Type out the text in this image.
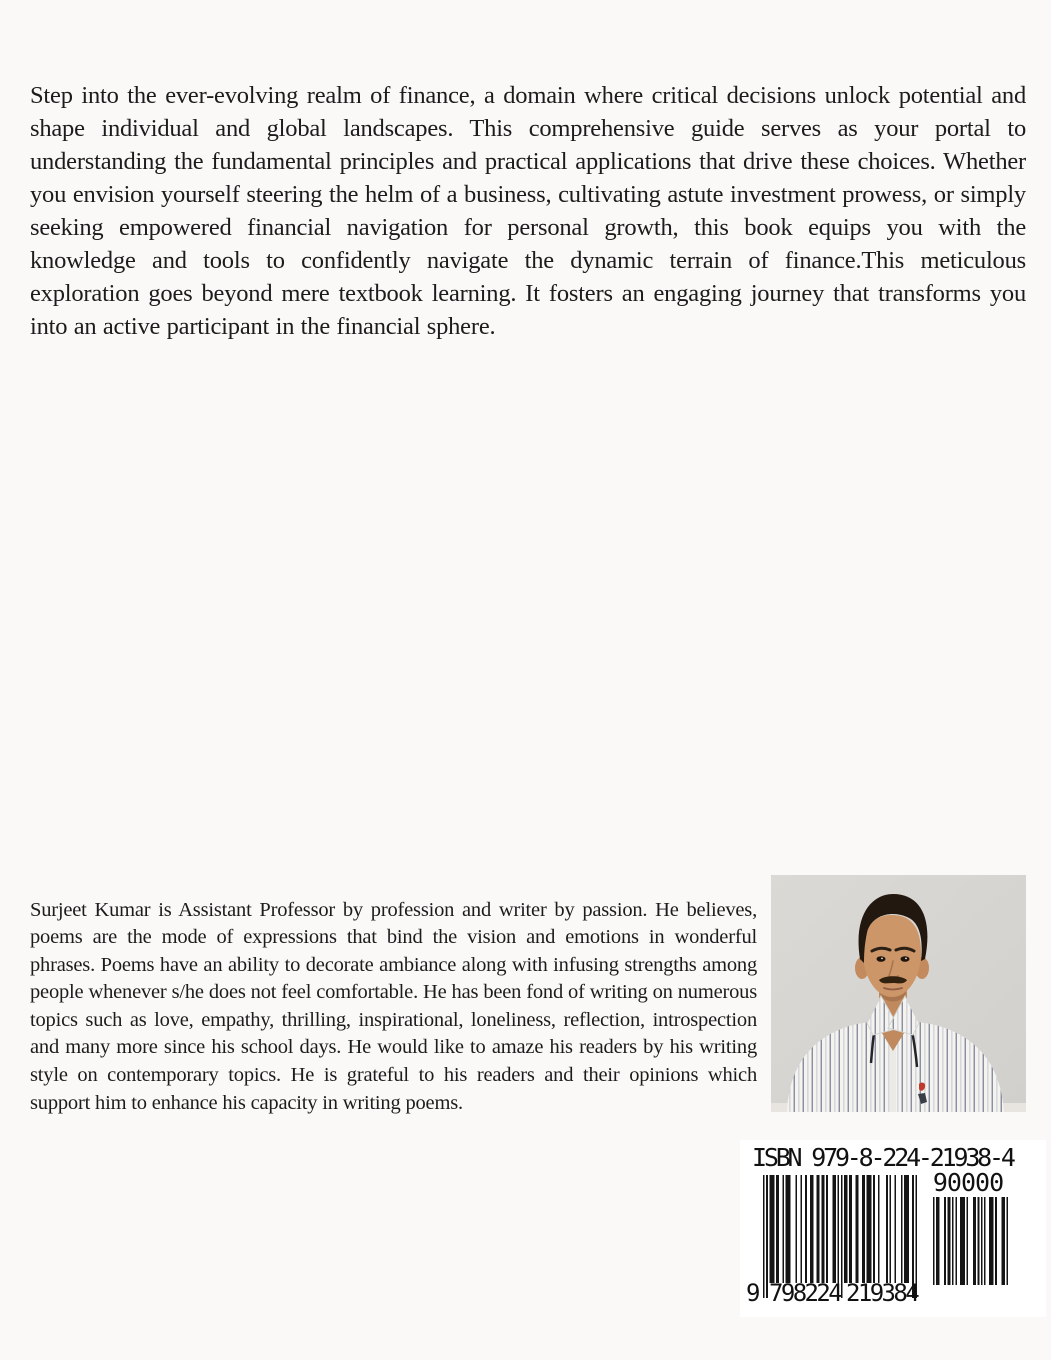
Step into the ever-evolving realm of finance, a domain where critical decisions unlock potential and shape individual and global landscapes. This comprehensive guide serves as your portal to understanding the fundamental principles and practical applications that drive these choices. Whether you envision yourself steering the helm of a business, cultivating astute investment prowess, or simply seeking empowered financial navigation for personal growth, this book equips you with the knowledge and tools to confidently navigate the dynamic terrain of finance.This meticulous exploration goes beyond mere textbook learning. It fosters an engaging journey that transforms you into an active participant in the financial sphere.

Surjeet Kumar is Assistant Professor by profession and writer by passion. He believes, poems are the mode of expressions that bind the vision and emotions in wonderful phrases. Poems have an ability to decorate ambiance along with infusing strengths among people whenever s/he does not feel comfortable. He has been fond of writing on numerous topics such as love, empathy, thrilling, inspirational, loneliness, reflection, introspection and many more since his school days. He would like to amaze his readers by his writing style on contemporary topics. He is grateful to his readers and their opinions which support him to enhance his capacity in writing poems.

ISBN 979-8-224-21938-4
90000
9 798224 219384
